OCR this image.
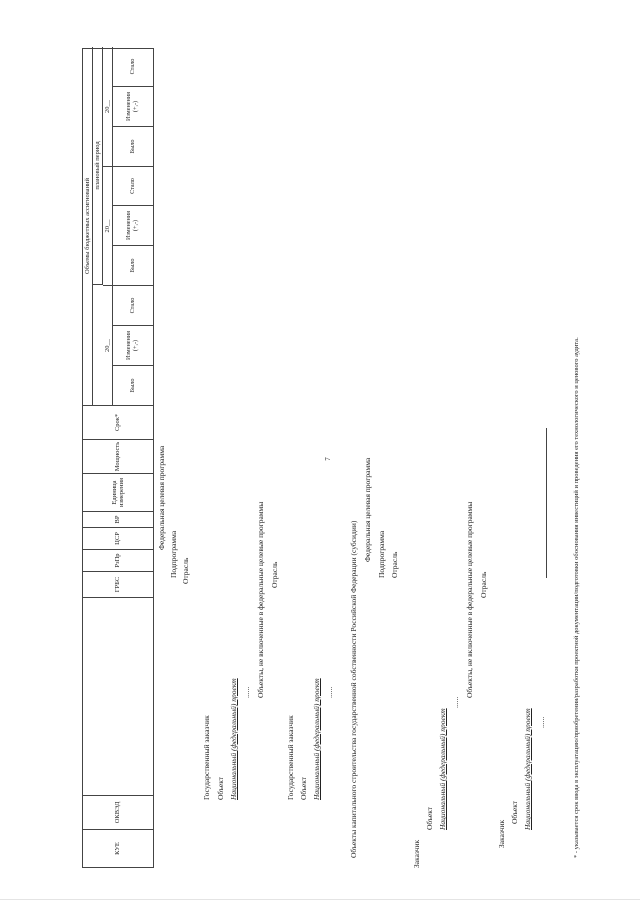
7
КУЕ
ОКВЭД
ГРБС
РзПр
ЦСР
ВР
Единица измерения
Мощность
Срок*
Объемы бюджетных ассигнований
плановый период
20__
20__
20__
Было
Изменения (+,-)
Стало
Было
Изменения (+,-)
Стало
Было
Изменения (+,-)
Стало
Федеральная целевая программа
Подпрограмма Отрасль
Государственный заказчик Объект Национальный (федеральный) проект ...... Объекты, не включенные в федеральные целевые программы Отрасль
Государственный заказчик Объект Национальный (федеральный) проект ...... Объекты капитального строительства государственной собственности Российской Федерации (субсидии)
Федеральная целевая программа Подпрограмма Отрасль
Заказчик
Объект Национальный (федеральный) проект
......
Объекты, не включенные в федеральные целевые программы Отрасль
Заказчик
Объект Национальный (федеральный) проект ......	* - указывается срок ввода в эксплуатацию/приобретения/разработки проектной документации/подготовки обоснования инвестиций и проведения его технологического и ценового аудита.
